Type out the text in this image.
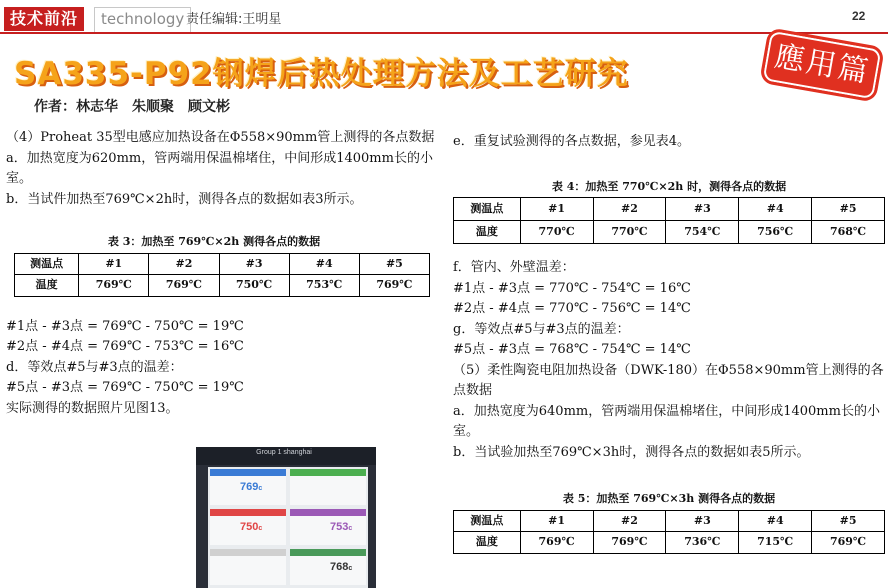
技术前沿	technology 责任编辑:王明星	22
SA335-P92钢焊后热处理方法及工艺研究	應用篇
作者：林志华　朱顺聚　顾文彬

（4）Proheat 35型电感应加热设备在Φ558×90mm管上测得的各点数据

a．加热宽度为620mm，管两端用保温棉堵住，中间形成1400mm长的小室。

b．当试件加热至769℃×2h时，测得各点的数据如表3所示。

表 3：加热至 769℃×2h 测得各点的数据

测温点	#1	#2	#3	#4	#5
温度	769℃	769℃	750℃	753℃	769℃

#1点 - #3点 = 769℃ - 750℃ = 19℃

#2点 - #4点 = 769℃ - 753℃ = 16℃

d．等效点#5与#3点的温差：

#5点 - #3点 = 769℃ - 750℃ = 19℃

实际测得的数据照片见图13。

Group 1 shanghai
769c
750c	753c
768c

e．重复试验测得的各点数据，参见表4。

表 4：加热至 770℃×2h 时，测得各点的数据

测温点	#1	#2	#3	#4	#5
温度	770℃	770℃	754℃	756℃	768℃

f．管内、外壁温差：

#1点 - #3点 = 770℃ - 754℃ = 16℃

#2点 - #4点 = 770℃ - 756℃ = 14℃

g．等效点#5与#3点的温差：

#5点 - #3点 = 768℃ - 754℃ = 14℃

（5）柔性陶瓷电阻加热设备（DWK-180）在Φ558×90mm管上测得的各点数据

a．加热宽度为640mm，管两端用保温棉堵住，中间形成1400mm长的小室。

b．当试验加热至769℃×3h时，测得各点的数据如表5所示。

表 5：加热至 769℃×3h 测得各点的数据

测温点	#1	#2	#3	#4	#5
温度	769℃	769℃	736℃	715℃	769℃
